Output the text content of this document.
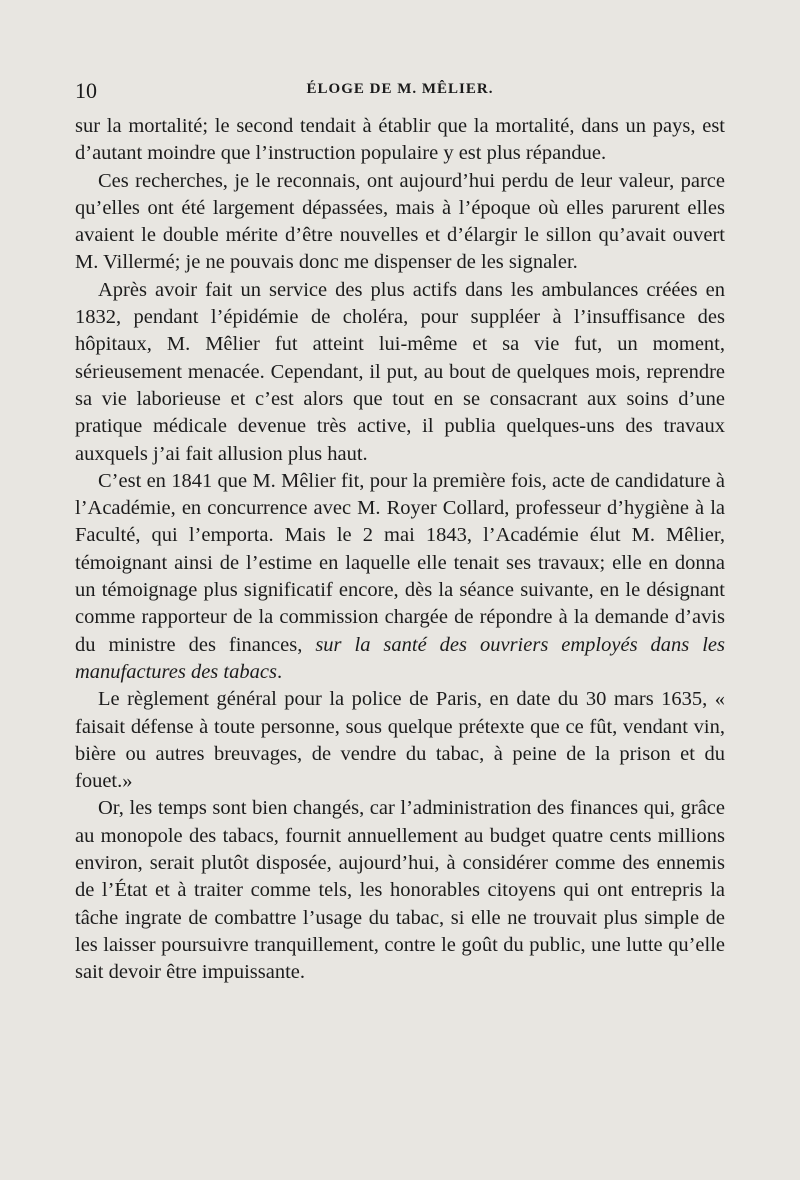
10	ÉLOGE DE M. MÊLIER.

sur la mortalité; le second tendait à établir que la mortalité, dans un pays, est d’autant moindre que l’instruction populaire y est plus répandue.

Ces recherches, je le reconnais, ont aujourd’hui perdu de leur valeur, parce qu’elles ont été largement dépassées, mais à l’époque où elles parurent elles avaient le double mérite d’être nouvelles et d’élargir le sillon qu’avait ouvert M. Villermé; je ne pouvais donc me dispenser de les signaler.

Après avoir fait un service des plus actifs dans les ambulances créées en 1832, pendant l’épidémie de choléra, pour suppléer à l’insuffisance des hôpitaux, M. Mêlier fut atteint lui-même et sa vie fut, un moment, sérieusement menacée. Cependant, il put, au bout de quelques mois, reprendre sa vie laborieuse et c’est alors que tout en se consacrant aux soins d’une pratique médicale devenue très active, il publia quelques-uns des travaux auxquels j’ai fait allusion plus haut.

C’est en 1841 que M. Mêlier fit, pour la première fois, acte de candidature à l’Académie, en concurrence avec M. Royer Collard, professeur d’hygiène à la Faculté, qui l’emporta. Mais le 2 mai 1843, l’Académie élut M. Mêlier, témoignant ainsi de l’estime en laquelle elle tenait ses travaux; elle en donna un témoignage plus significatif encore, dès la séance suivante, en le désignant comme rapporteur de la commission chargée de répondre à la demande d’avis du ministre des finances, sur la santé des ouvriers employés dans les manufactures des tabacs.

Le règlement général pour la police de Paris, en date du 30 mars 1635, « faisait défense à toute personne, sous quelque prétexte que ce fût, vendant vin, bière ou autres breuvages, de vendre du tabac, à peine de la prison et du fouet.»

Or, les temps sont bien changés, car l’administration des finances qui, grâce au monopole des tabacs, fournit annuellement au budget quatre cents millions environ, serait plutôt disposée, aujourd’hui, à considérer comme des ennemis de l’État et à traiter comme tels, les honorables citoyens qui ont entrepris la tâche ingrate de combattre l’usage du tabac, si elle ne trouvait plus simple de les laisser poursuivre tranquillement, contre le goût du public, une lutte qu’elle sait devoir être impuissante.
